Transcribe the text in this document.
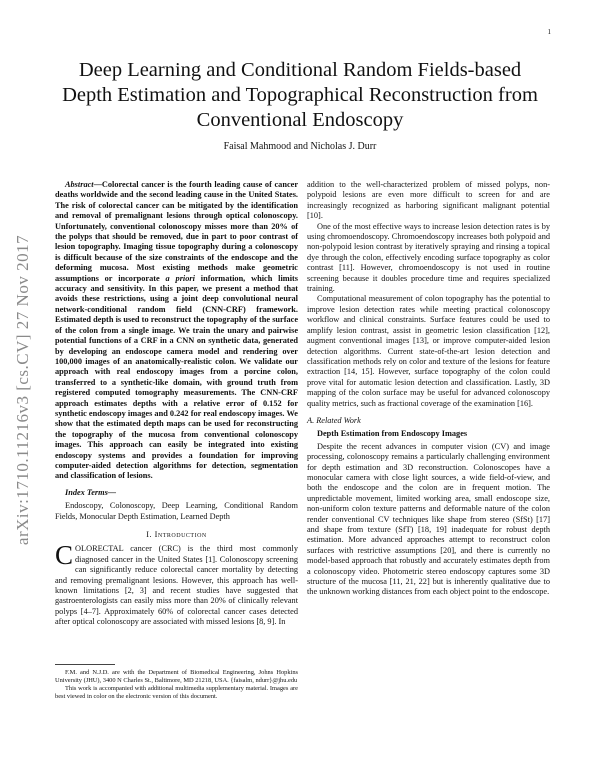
1
arXiv:1710.11216v3 [cs.CV] 27 Nov 2017
Deep Learning and Conditional Random Fields-based Depth Estimation and Topographical Reconstruction from Conventional Endoscopy
Faisal Mahmood and Nicholas J. Durr

Abstract—Colorectal cancer is the fourth leading cause of cancer deaths worldwide and the second leading cause in the United States. The risk of colorectal cancer can be mitigated by the identification and removal of premalignant lesions through optical colonoscopy. Unfortunately, conventional colonoscopy misses more than 20% of the polyps that should be removed, due in part to poor contrast of lesion topography. Imaging tissue topography during a colonoscopy is difficult because of the size constraints of the endoscope and the deforming mucosa. Most existing methods make geometric assumptions or incorporate a priori information, which limits accuracy and sensitivity. In this paper, we present a method that avoids these restrictions, using a joint deep convolutional neural network-conditional random field (CNN-CRF) framework. Estimated depth is used to reconstruct the topography of the surface of the colon from a single image. We train the unary and pairwise potential functions of a CRF in a CNN on synthetic data, generated by developing an endoscope camera model and rendering over 100,000 images of an anatomically-realistic colon. We validate our approach with real endoscopy images from a porcine colon, transferred to a synthetic-like domain, with ground truth from registered computed tomography measurements. The CNN-CRF approach estimates depths with a relative error of 0.152 for synthetic endoscopy images and 0.242 for real endoscopy images. We show that the estimated depth maps can be used for reconstructing the topography of the mucosa from conventional colonoscopy images. This approach can easily be integrated into existing endoscopy systems and provides a foundation for improving computer-aided detection algorithms for detection, segmentation and classification of lesions.

Index Terms—

Endoscopy, Colonoscopy, Deep Learning, Conditional Random Fields, Monocular Depth Estimation, Learned Depth

I. Introduction

COLORECTAL cancer (CRC) is the third most commonly diagnosed cancer in the United States [1]. Colonoscopy screening can significantly reduce colorectal cancer mortality by detecting and removing premalignant lesions. However, this approach has well-known limitations [2, 3] and recent studies have suggested that gastroenterologists can easily miss more than 20% of clinically relevant polyps [4–7]. Approximately 60% of colorectal cancer cases detected after optical colonoscopy are associated with missed lesions [8, 9]. In

F.M. and N.J.D. are with the Department of Biomedical Engineering, Johns Hopkins University (JHU), 3400 N Charles St., Baltimore, MD 21218, USA. {faisalm, ndurr}@jhu.edu

This work is accompanied with additional multimedia supplementary material. Images are best viewed in color on the electronic version of this document.

addition to the well-characterized problem of missed polyps, non-polypoid lesions are even more difficult to screen for and are increasingly recognized as harboring significant malignant potential [10].

One of the most effective ways to increase lesion detection rates is by using chromoendoscopy. Chromoendoscopy increases both polypoid and non-polypoid lesion contrast by iteratively spraying and rinsing a topical dye through the colon, effectively encoding surface topography as color contrast [11]. However, chromoendoscopy is not used in routine screening because it doubles procedure time and requires specialized training.

Computational measurement of colon topography has the potential to improve lesion detection rates while meeting practical colonoscopy workflow and clinical constraints. Surface features could be used to amplify lesion contrast, assist in geometric lesion classification [12], augment conventional images [13], or improve computer-aided lesion detection algorithms. Current state-of-the-art lesion detection and classification methods rely on color and texture of the lesions for feature extraction [14, 15]. However, surface topography of the colon could prove vital for automatic lesion detection and classification. Lastly, 3D mapping of the colon surface may be useful for advanced colonoscopy quality metrics, such as fractional coverage of the examination [16].

A. Related Work
Depth Estimation from Endoscopy Images

Despite the recent advances in computer vision (CV) and image processing, colonoscopy remains a particularly challenging environment for depth estimation and 3D reconstruction. Colonoscopes have a monocular camera with close light sources, a wide field-of-view, and both the endoscope and the colon are in frequent motion. The unpredictable movement, limited working area, small endoscope size, non-uniform colon texture patterns and deformable nature of the colon render conventional CV techniques like shape from stereo (SfSt) [17] and shape from texture (SfT) [18, 19] inadequate for robust depth estimation. More advanced approaches attempt to reconstruct colon surfaces with restrictive assumptions [20], and there is currently no model-based approach that robustly and accurately estimates depth from a colonoscopy video. Photometric stereo endoscopy captures some 3D structure of the mucosa [11, 21, 22] but is inherently qualitative due to the unknown working distances from each object point to the endoscope.
